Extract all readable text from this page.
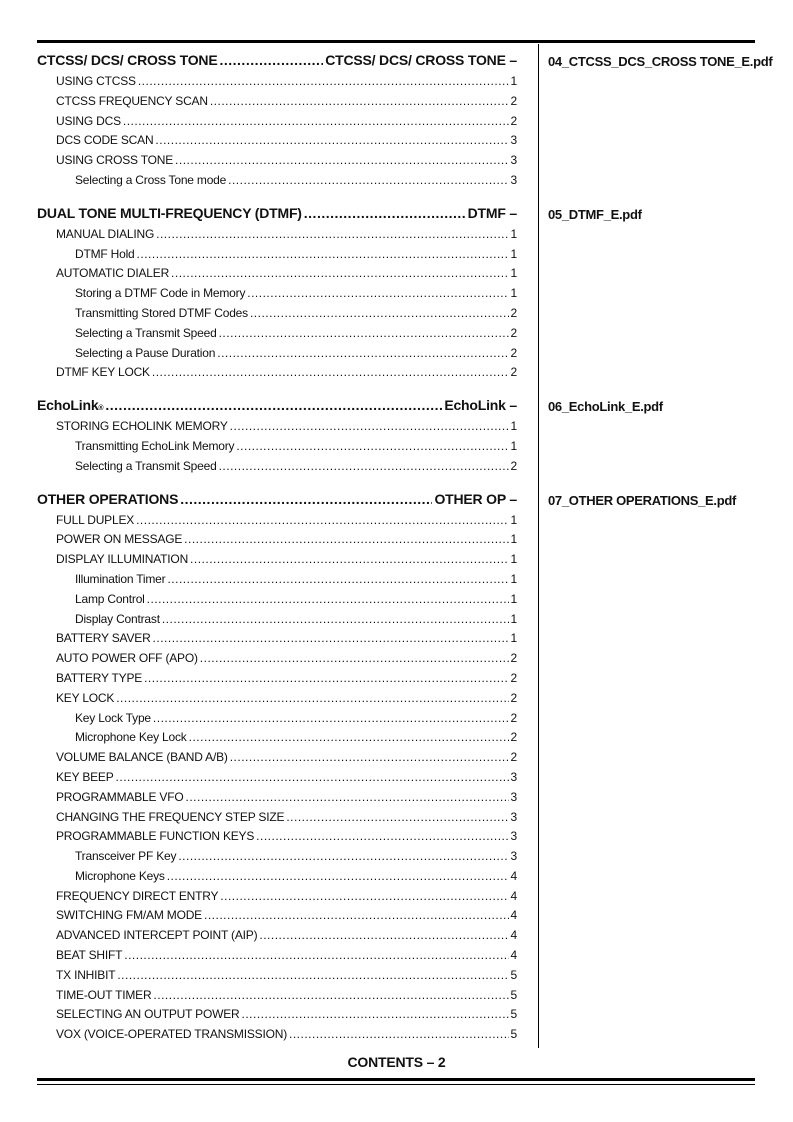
CTCSS/ DCS/ CROSS TONE .....	CTCSS/ DCS/ CROSS TONE –
USING CTCSS .....	1
CTCSS FREQUENCY SCAN .....	2
USING DCS .....	2
DCS CODE SCAN .....	3
USING CROSS TONE .....	3
Selecting a Cross Tone mode .....	3
DUAL TONE MULTI-FREQUENCY (DTMF) .....	DTMF –
MANUAL DIALING .....	1
DTMF Hold .....	1
AUTOMATIC DIALER .....	1
Storing a DTMF Code in Memory .....	1
Transmitting Stored DTMF Codes .....	2
Selecting a Transmit Speed .....	2
Selecting a Pause Duration .....	2
DTMF KEY LOCK .....	2
EchoLink$_®$ .....	EchoLink –
STORING ECHOLINK MEMORY .....	1
Transmitting EchoLink Memory .....	1
Selecting a Transmit Speed .....	2
OTHER OPERATIONS .....	OTHER OP –
FULL DUPLEX .....	1
POWER ON MESSAGE .....	1
DISPLAY ILLUMINATION .....	1
Illumination Timer .....	1
Lamp Control .....	1
Display Contrast .....	1
BATTERY SAVER .....	1
AUTO POWER OFF (APO) .....	2
BATTERY TYPE .....	2
KEY LOCK .....	2
Key Lock Type .....	2
Microphone Key Lock .....	2
VOLUME BALANCE (BAND A/B) .....	2
KEY BEEP .....	3
PROGRAMMABLE VFO .....	3
CHANGING THE FREQUENCY STEP SIZE .....	3
PROGRAMMABLE FUNCTION KEYS .....	3
Transceiver PF Key .....	3
Microphone Keys .....	4
FREQUENCY DIRECT ENTRY .....	4
SWITCHING FM/AM MODE .....	4
ADVANCED INTERCEPT POINT (AIP) .....	4
BEAT SHIFT .....	4
TX INHIBIT .....	5
TIME-OUT TIMER .....	5
SELECTING AN OUTPUT POWER .....	5
VOX (VOICE-OPERATED TRANSMISSION) .....	5
04_CTCSS_DCS_CROSS TONE_E.pdf
05_DTMF_E.pdf
06_EchoLink_E.pdf
07_OTHER OPERATIONS_E.pdf
CONTENTS – 2
